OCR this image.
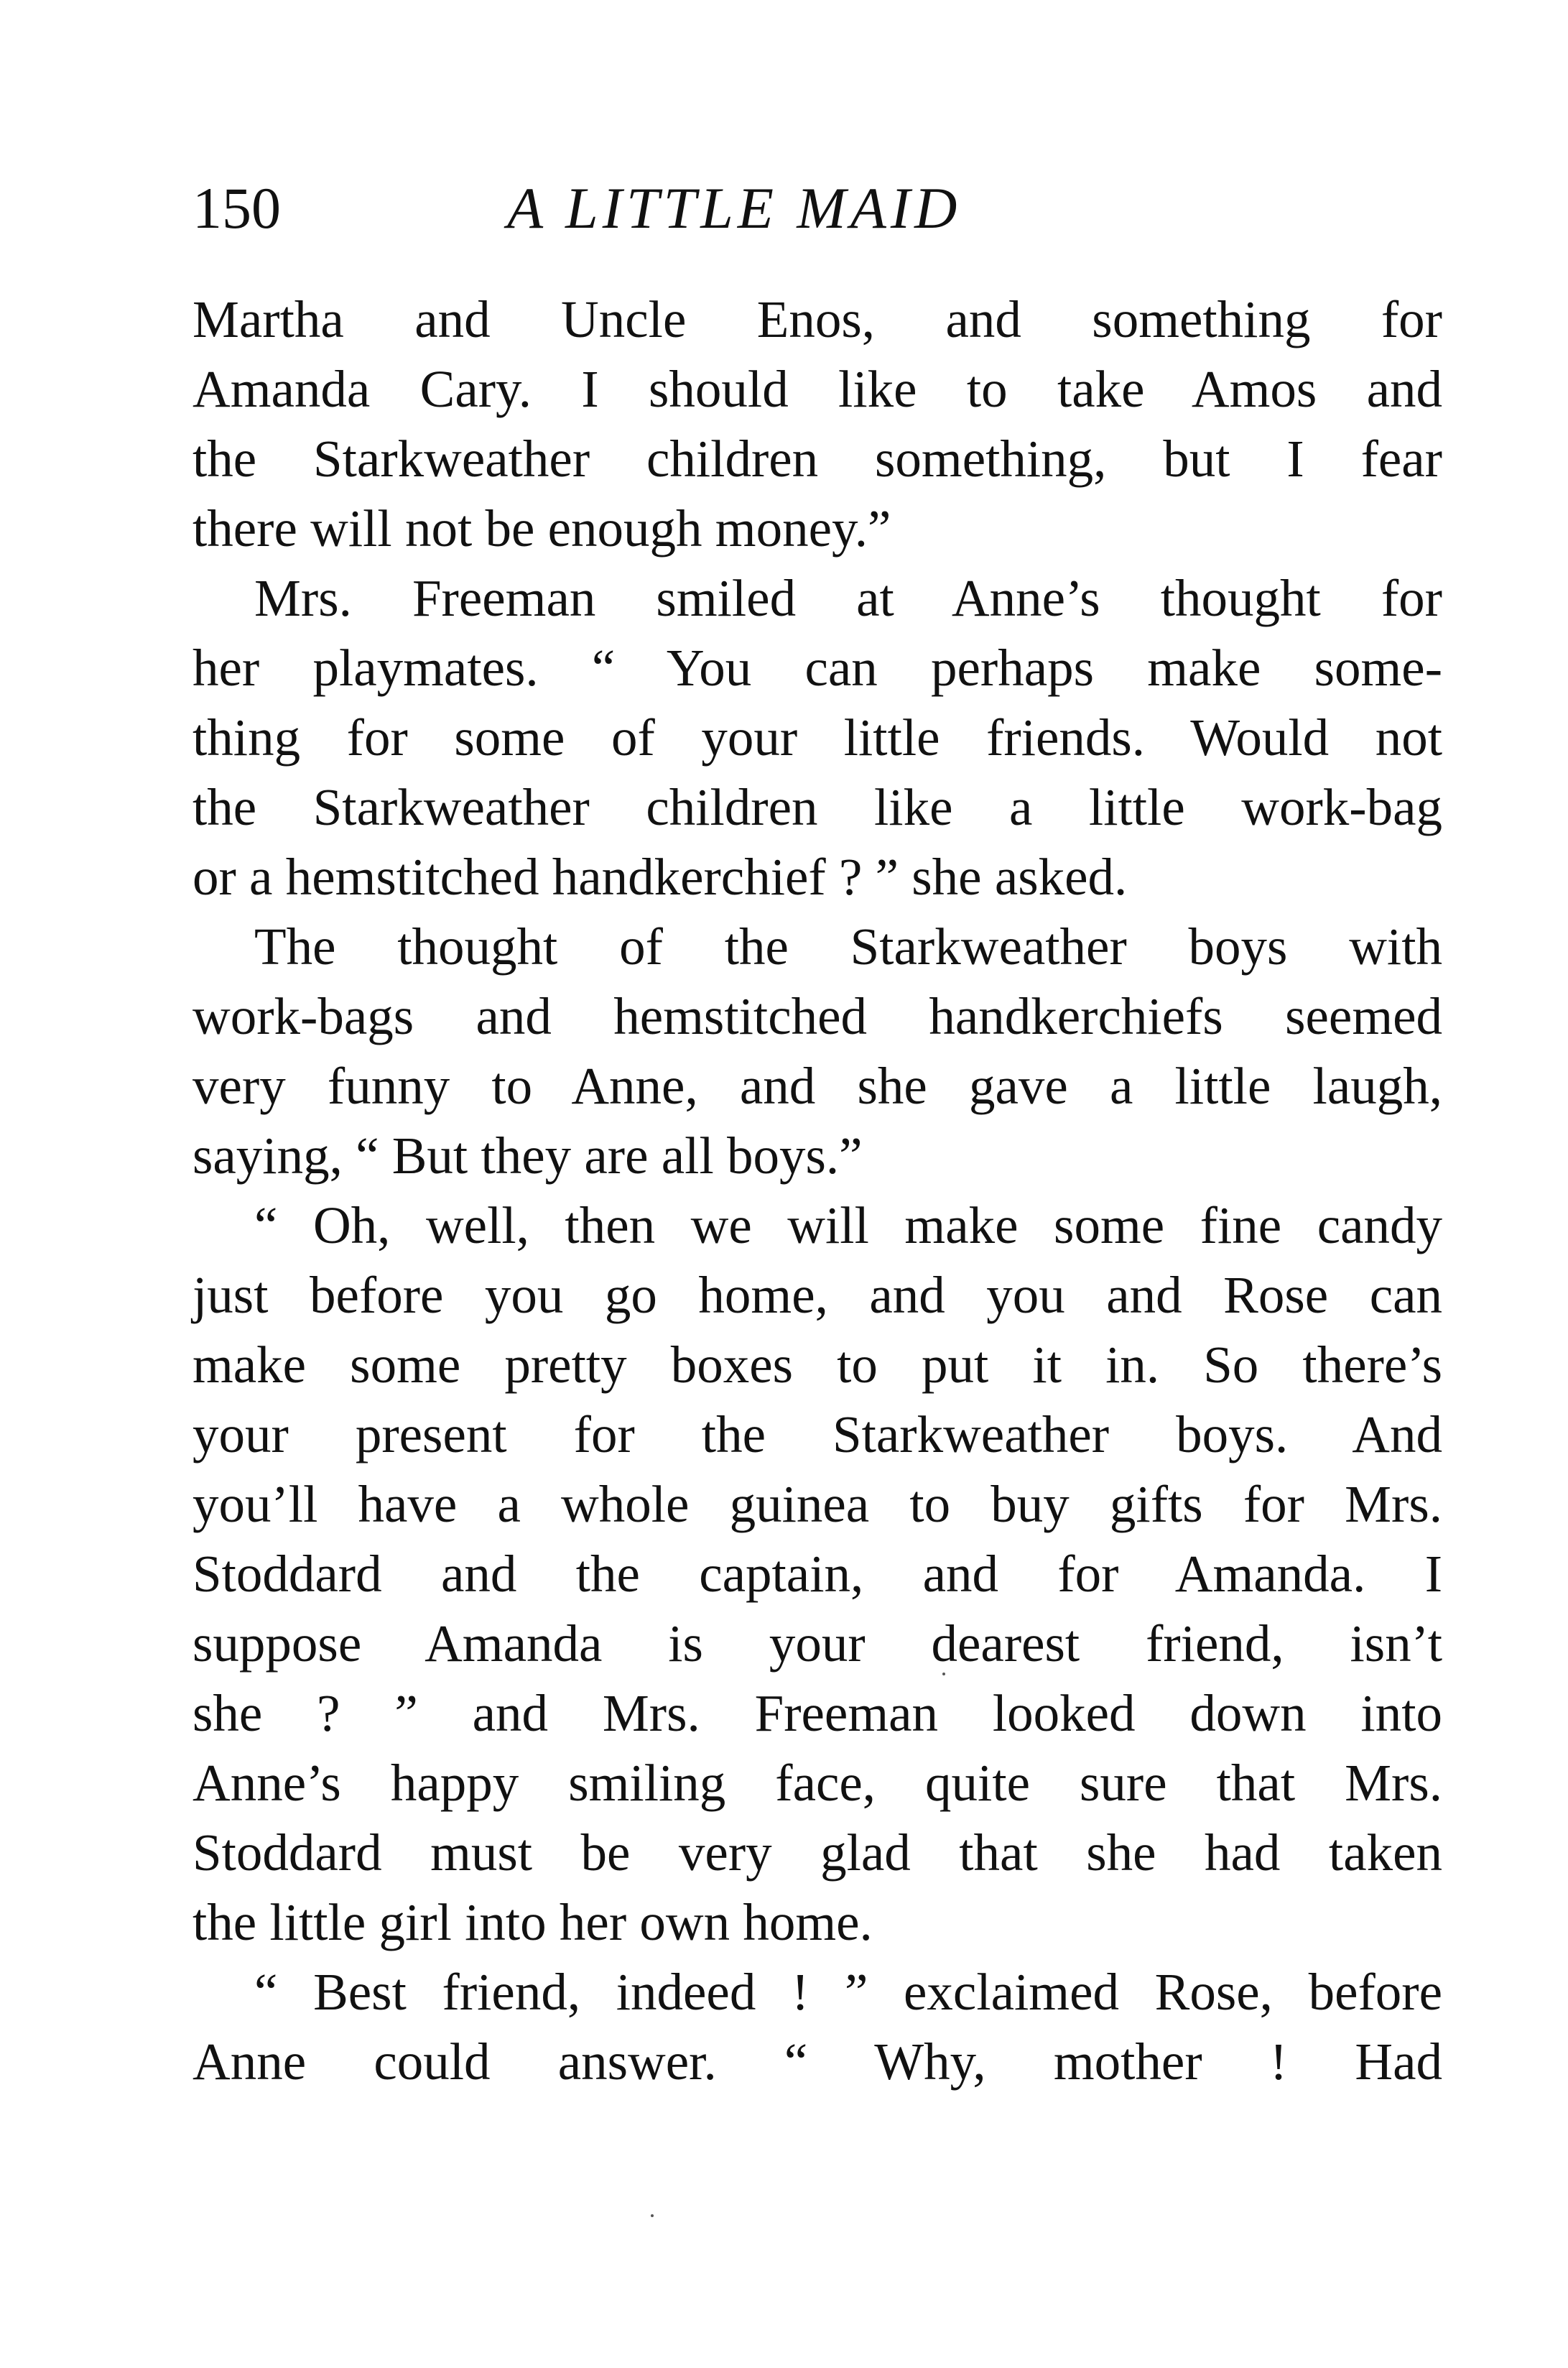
150	A LITTLE MAID
Martha and Uncle Enos, and something for
Amanda Cary. I should like to take Amos and
the Starkweather children something, but I fear
there will not be enough money.”
Mrs. Freeman smiled at Anne’s thought for
her playmates. “ You can perhaps make some-
thing for some of your little friends. Would not
the Starkweather children like a little work-bag
or a hemstitched handkerchief ? ” she asked.
The thought of the Starkweather boys with
work-bags and hemstitched handkerchiefs seemed
very funny to Anne, and she gave a little laugh,
saying, “ But they are all boys.”
“ Oh, well, then we will make some fine candy
just before you go home, and you and Rose can
make some pretty boxes to put it in. So there’s
your present for the Starkweather boys. And
you’ll have a whole guinea to buy gifts for Mrs.
Stoddard and the captain, and for Amanda. I
suppose Amanda is your dearest friend, isn’t
she ? ” and Mrs. Freeman looked down into
Anne’s happy smiling face, quite sure that Mrs.
Stoddard must be very glad that she had taken
the little girl into her own home.
“ Best friend, indeed ! ” exclaimed Rose, before
Anne could answer. “ Why, mother ! Had
